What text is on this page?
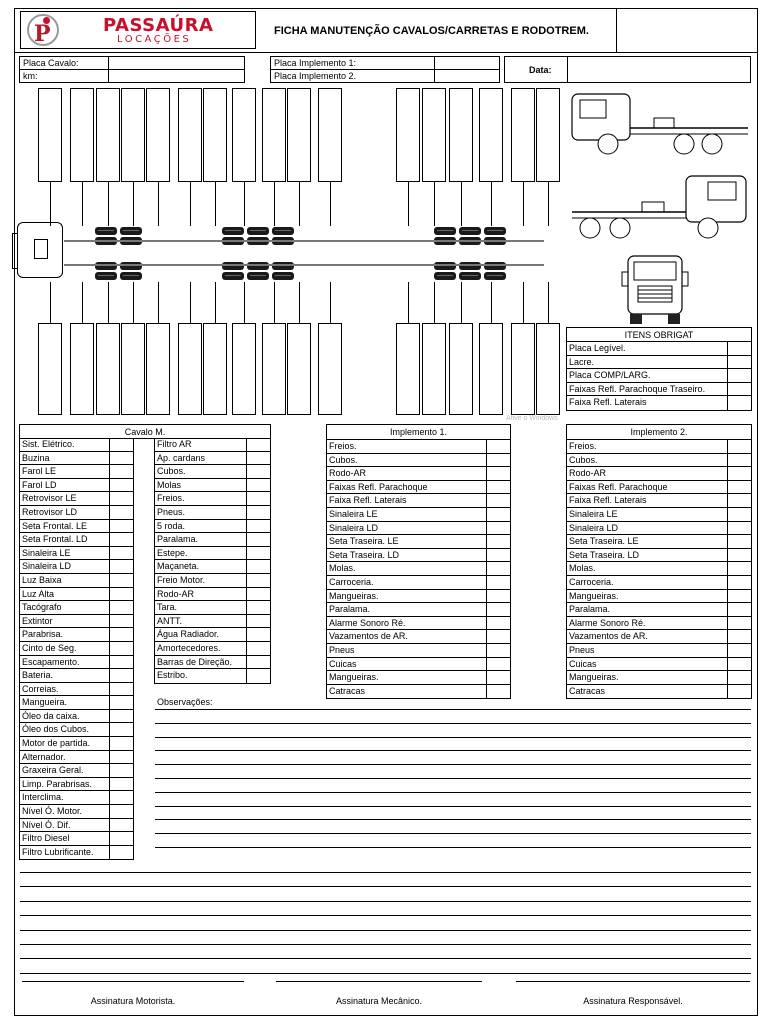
P	PASSAÚRA
LOCAÇÕES
FICHA MANUTENÇÃO CAVALOS/CARRETAS E RODOTREM.
Placa Cavalo:
km:
Placa Implemento 1:
Placa Implemento 2.
Data:
Ative o Windows
ITENS OBRIGAT
Placa Legível.
Lacre.
Placa COMP/LARG.
Faixas Refl. Parachoque Traseiro.
Faixa Refl. Laterais
Cavalo M.
Sist. Elétrico.
Buzina
Farol LE
Farol LD
Retrovisor LE
Retrovisor LD
Seta Frontal. LE
Seta Frontal. LD
Sinaleira LE
Sinaleira LD
Luz Baixa
Luz Alta
Tacógrafo
Extintor
Parabrisa.
Cinto de Seg.
Escapamento.
Bateria.
Correias.
Mangueira.
Óleo da caixa.
Óleo dos Cubos.
Motor de partida.
Alternador.
Graxeira Geral.
Limp. Parabrisas.
Interclima.
Nível Ó. Motor.
Nível Ó. Dif.
Filtro Diesel
Filtro Lubrificante.
Filtro AR
Ap. cardans
Cubos.
Molas
Freios.
Pneus.
5 roda.
Paralama.
Estepe.
Maçaneta.
Freio Motor.
Rodo-AR
Tara.
ANTT.
Água Radiador.
Amortecedores.
Barras de Direção.
Estribo.
Implemento 1.
Freios.
Cubos.
Rodo-AR
Faixas Refl. Parachoque
Faixa Refl. Laterais
Sinaleira LE
Sinaleira LD
Seta Traseira. LE
Seta Traseira. LD
Molas.
Carroceria.
Mangueiras.
Paralama.
Alarme Sonoro Ré.
Vazamentos de AR.
Pneus
Cuicas
Mangueiras.
Catracas
Implemento 2.
Freios.
Cubos.
Rodo-AR
Faixas Refl. Parachoque
Faixa Refl. Laterais
Sinaleira LE
Sinaleira LD
Seta Traseira. LE
Seta Traseira. LD
Molas.
Carroceria.
Mangueiras.
Paralama.
Alarme Sonoro Ré.
Vazamentos de AR.
Pneus
Cuicas
Mangueiras.
Catracas
Observações:
Assinatura Motorista.	Assinatura Mecânico.	Assinatura Responsável.
